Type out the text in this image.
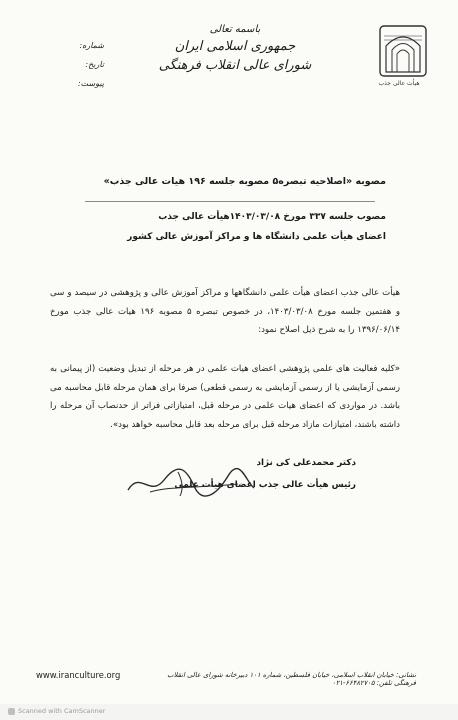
شماره:
تاریخ:
پیوست:
باسمه تعالی
جمهوری اسلامی ایران
شورای عالی انقلاب فرهنگی
هیأت عالی جذب
مصوبه «اصلاحیه تبصره۵ مصوبه جلسه ۱۹۶ هیات عالی جذب»
مصوب جلسه ۳۳۷ مورخ ۱۴۰۳/۰۳/۰۸هیأت عالی جذب
اعضای هیأت علمی دانشگاه ها و مراکز آموزش عالی کشور
هیأت عالی جذب اعضای هیأت علمی دانشگاهها و مراکز آموزش عالی و پژوهشی در سیصد و سی و هفتمین جلسه مورخ ۱۴۰۳/۰۳/۰۸، در خصوص تبصره ۵ مصوبه ۱۹۶ هیات عالی جذب مورخ ۱۳۹۶/۰۶/۱۴ را به شرح ذیل اصلاح نمود:
«کلیه فعالیت های علمی پژوهشی اعضای هیات علمی در هر مرحله از تبدیل وضعیت (از پیمانی به رسمی آزمایشی یا از رسمی آزمایشی به رسمی قطعی) صرفا برای همان مرحله قابل محاسبه می باشد. در مواردی که اعضای هیات علمی در مرحله قبل، امتیازاتی فراتر از حدنصاب آن مرحله را داشته باشند، امتیازات مازاد مرحله قبل برای مرحله بعد قابل محاسبه خواهد بود».
دکتر محمدعلی کی نژاد
رئیس هیأت عالی جذب اعضای هیأت علمی
www.iranculture.org	نشانی: خیابان انقلاب اسلامی، خیابان فلسطین، شماره ۱۰۱ دبیرخانه شورای عالی انقلاب فرهنگی تلفن: ۶۶۴۸۲۷۰۵-۰۲۱
Scanned with CamScanner
